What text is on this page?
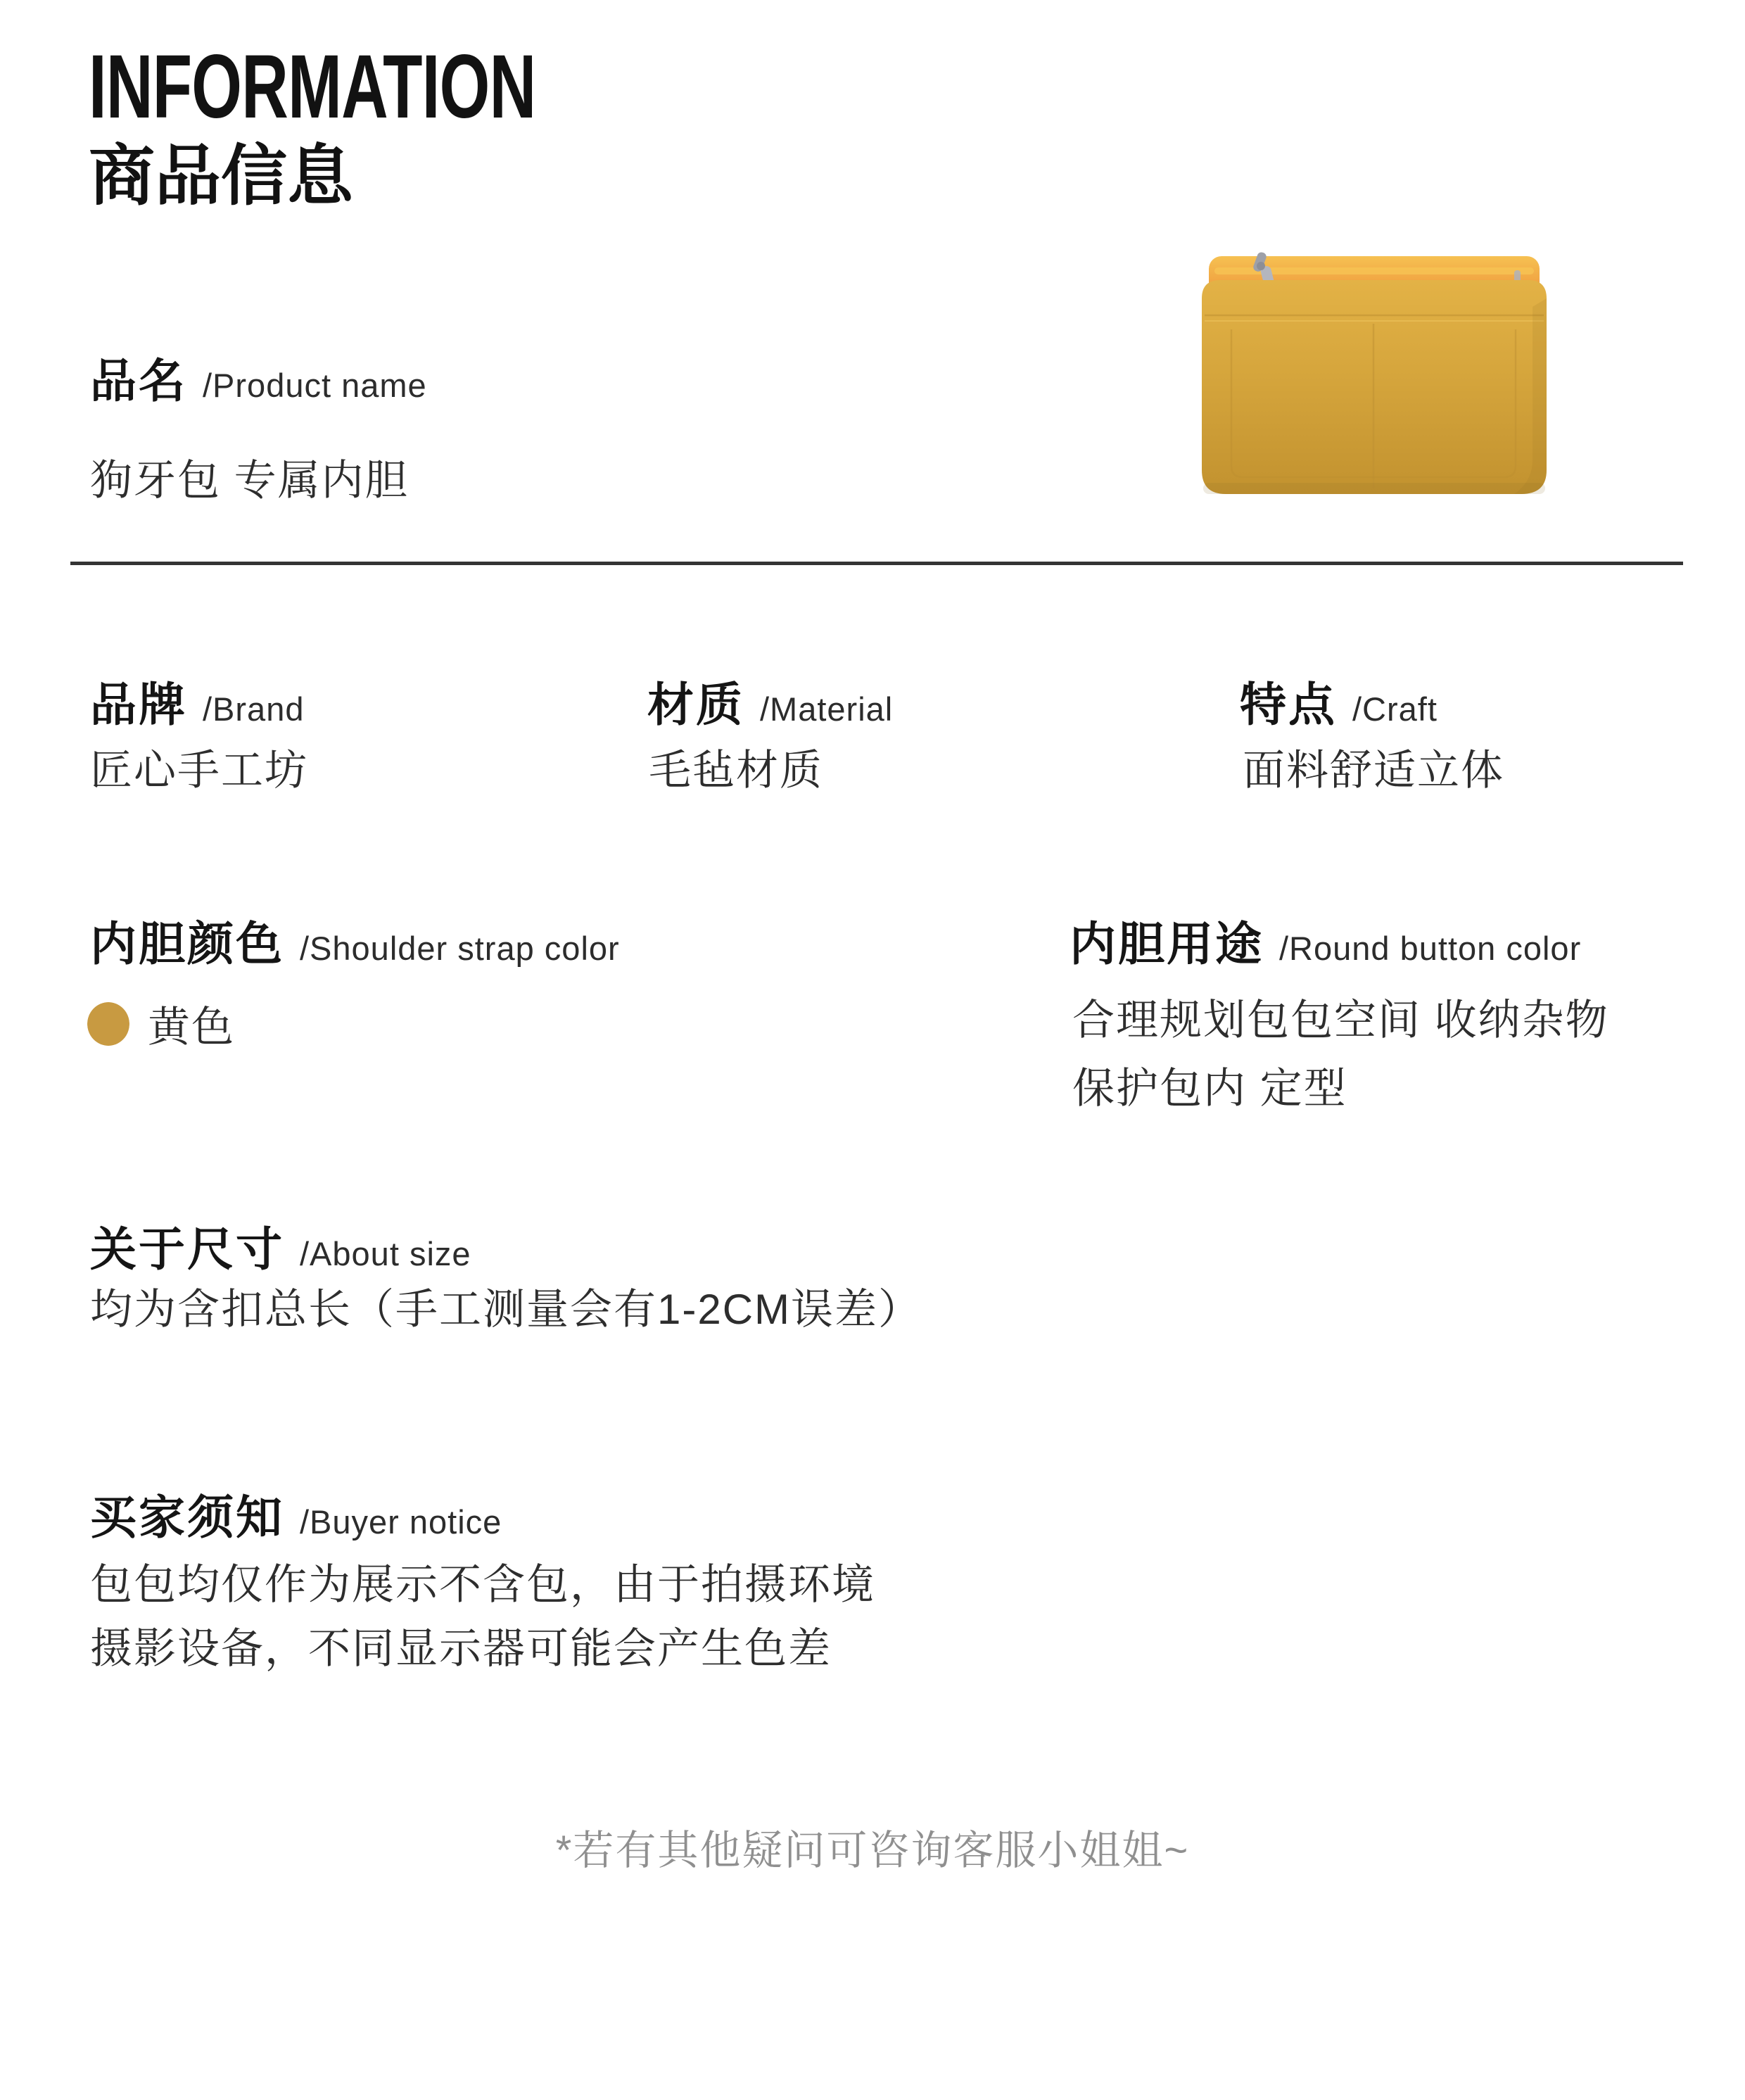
INFORMATION
商品信息
品名 /Product name
狗牙包 专属内胆
品牌 /Brand
匠心手工坊
材质 /Material
毛毡材质
特点 /Craft
面料舒适立体
内胆颜色 /Shoulder strap color
黄色
内胆用途 /Round button color
合理规划包包空间 收纳杂物
保护包内 定型
关于尺寸 /About size
均为含扣总长（手工测量会有1-2CM误差）
买家须知 /Buyer notice
包包均仅作为展示不含包，由于拍摄环境
摄影设备，不同显示器可能会产生色差
*若有其他疑问可咨询客服小姐姐~
